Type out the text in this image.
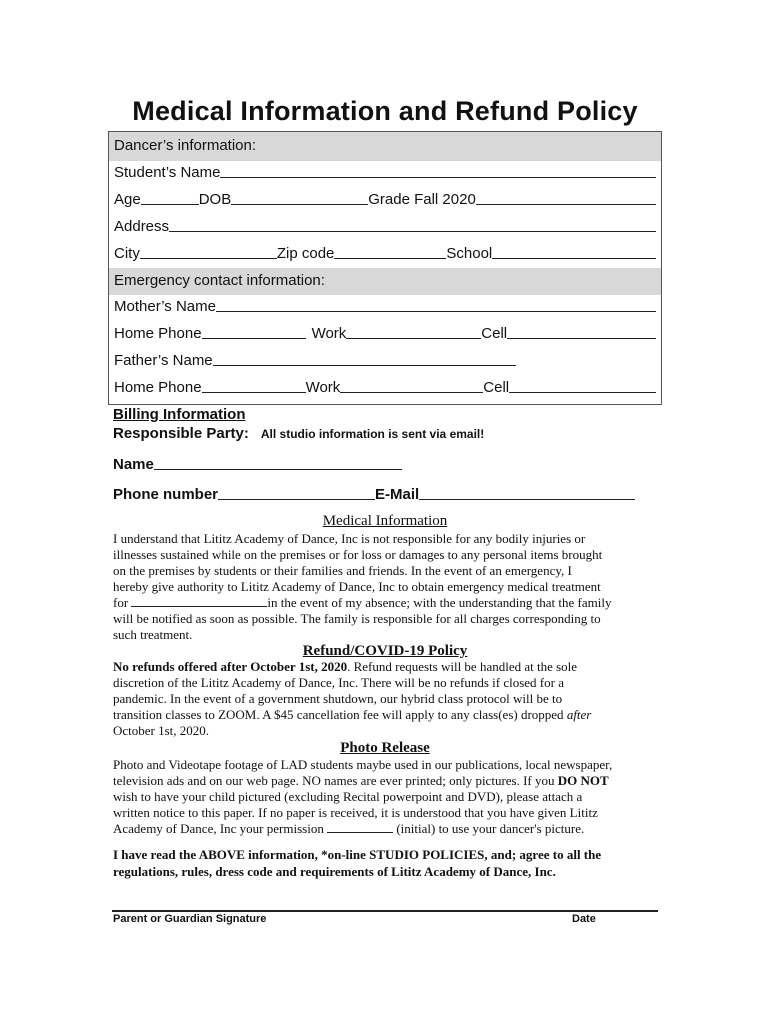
Medical Information and Refund Policy
Dancer’s information:
Student’s Name
Age	DOB	Grade Fall 2020
Address
City	Zip code	School
Emergency contact information:
Mother’s Name
Home Phone	Work	Cell
Father’s Name
Home Phone	Work	Cell
Billing Information
Responsible Party: All studio information is sent via email!
Name
Phone number	E-Mail
Medical Information
I understand that Lititz Academy of Dance, Inc is not responsible for any bodily injuries or
illnesses sustained while on the premises or for loss or damages to any personal items brought
on the premises by students or their families and friends. In the event of an emergency, I
hereby give authority to Lititz Academy of Dance, Inc to obtain emergency medical treatment
for	in the event of my absence; with the understanding that the family
will be notified as soon as possible. The family is responsible for all charges corresponding to
such treatment.
Refund/COVID-19 Policy
No refunds offered after October 1st, 2020. Refund requests will be handled at the sole
discretion of the Lititz Academy of Dance, Inc. There will be no refunds if closed for a
pandemic. In the event of a government shutdown, our hybrid class protocol will be to
transition classes to ZOOM. A $45 cancellation fee will apply to any class(es) dropped after
October 1st, 2020.
Photo Release
Photo and Videotape footage of LAD students maybe used in our publications, local newspaper,
television ads and on our web page. NO names are ever printed; only pictures. If you DO NOT
wish to have your child pictured (excluding Recital powerpoint and DVD), please attach a
written notice to this paper. If no paper is received, it is understood that you have given Lititz
Academy of Dance, Inc your permission	(initial) to use your dancer's picture.
I have read the ABOVE information, *on-line STUDIO POLICIES, and; agree to all the
regulations, rules, dress code and requirements of Lititz Academy of Dance, Inc.
Parent or Guardian Signature	Date
